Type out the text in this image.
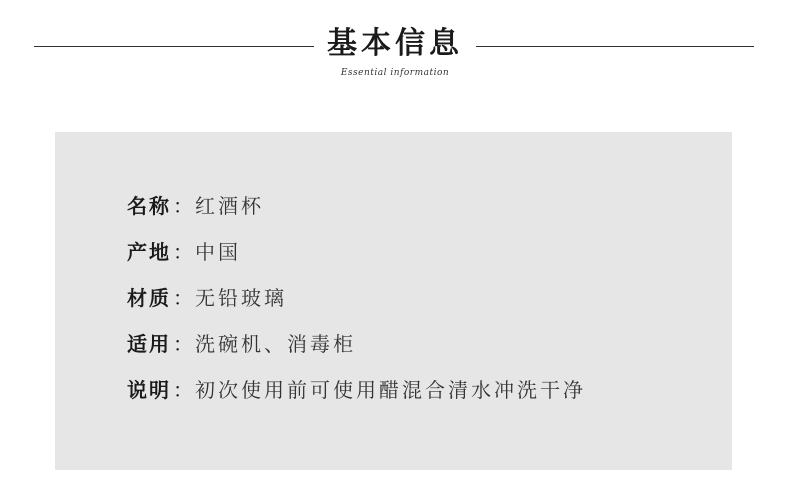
基本信息
Essential information
名称 ： 红酒杯
产地 ： 中国
材质 ： 无铅玻璃
适用 ： 洗碗机、消毒柜
说明 ： 初次使用前可使用醋混合清水冲洗干净
